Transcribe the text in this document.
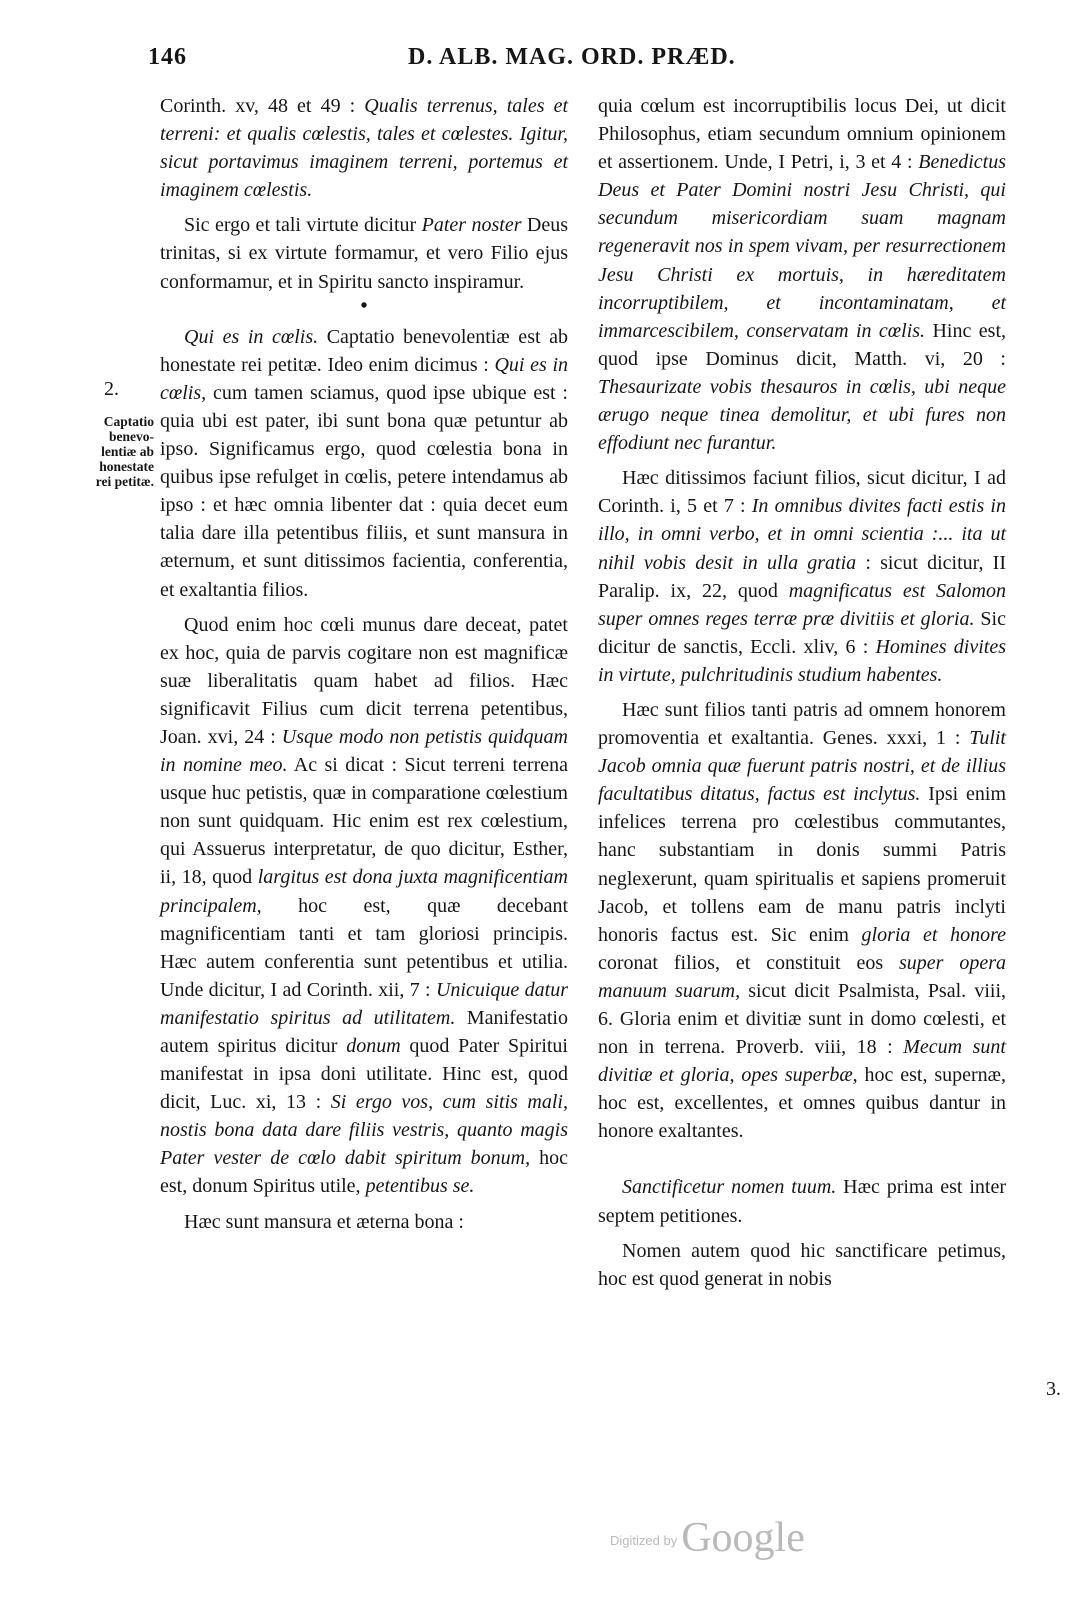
146	D. ALB. MAG. ORD. PRÆD.
2.
Captatio
benevo-
lentiæ ab
honestate
rei petitæ.
3.

Corinth. xv, 48 et 49 : Qualis terrenus, tales et terreni: et qualis cœlestis, tales et cœlestes. Igitur, sicut portavimus imaginem terreni, portemus et imaginem cœlestis.

Sic ergo et tali virtute dicitur Pater noster Deus trinitas, si ex virtute formamur, et vero Filio ejus conformamur, et in Spiritu sancto inspiramur.

•

Qui es in cœlis. Captatio benevolentiæ est ab honestate rei petitæ. Ideo enim dicimus : Qui es in cœlis, cum tamen sciamus, quod ipse ubique est : quia ubi est pater, ibi sunt bona quæ petuntur ab ipso. Significamus ergo, quod cœlestia bona in quibus ipse refulget in cœlis, petere intendamus ab ipso : et hæc omnia libenter dat : quia decet eum talia dare illa petentibus filiis, et sunt mansura in æternum, et sunt ditissimos facientia, conferentia, et exaltantia filios.

Quod enim hoc cœli munus dare deceat, patet ex hoc, quia de parvis cogitare non est magnificæ suæ liberalitatis quam habet ad filios. Hæc significavit Filius cum dicit terrena petentibus, Joan. xvi, 24 : Usque modo non petistis quidquam in nomine meo. Ac si dicat : Sicut terreni terrena usque huc petistis, quæ in comparatione cœlestium non sunt quidquam. Hic enim est rex cœlestium, qui Assuerus interpretatur, de quo dicitur, Esther, ii, 18, quod largitus est dona juxta magnificentiam principalem, hoc est, quæ decebant magnificentiam tanti et tam gloriosi principis. Hæc autem conferentia sunt petentibus et utilia. Unde dicitur, I ad Corinth. xii, 7 : Unicuique datur manifestatio spiritus ad utilitatem. Manifestatio autem spiritus dicitur donum quod Pater Spiritui manifestat in ipsa doni utilitate. Hinc est, quod dicit, Luc. xi, 13 : Si ergo vos, cum sitis mali, nostis bona data dare filiis vestris, quanto magis Pater vester de cœlo dabit spiritum bonum, hoc est, donum Spiritus utile, petentibus se.

Hæc sunt mansura et æterna bona :

quia cœlum est incorruptibilis locus Dei, ut dicit Philosophus, etiam secundum omnium opinionem et assertionem. Unde, I Petri, i, 3 et 4 : Benedictus Deus et Pater Domini nostri Jesu Christi, qui secundum misericordiam suam magnam regeneravit nos in spem vivam, per resurrectionem Jesu Christi ex mortuis, in hæreditatem incorruptibilem, et incontaminatam, et immarcescibilem, conservatam in cœlis. Hinc est, quod ipse Dominus dicit, Matth. vi, 20 : Thesaurizate vobis thesauros in cœlis, ubi neque ærugo neque tinea demolitur, et ubi fures non effodiunt nec furantur.

Hæc ditissimos faciunt filios, sicut dicitur, I ad Corinth. i, 5 et 7 : In omnibus divites facti estis in illo, in omni verbo, et in omni scientia :... ita ut nihil vobis desit in ulla gratia : sicut dicitur, II Paralip. ix, 22, quod magnificatus est Salomon super omnes reges terræ præ divitiis et gloria. Sic dicitur de sanctis, Eccli. xliv, 6 : Homines divites in virtute, pulchritudinis studium habentes.

Hæc sunt filios tanti patris ad omnem honorem promoventia et exaltantia. Genes. xxxi, 1 : Tulit Jacob omnia quæ fuerunt patris nostri, et de illius facultatibus ditatus, factus est inclytus. Ipsi enim infelices terrena pro cœlestibus commutantes, hanc substantiam in donis summi Patris neglexerunt, quam spiritualis et sapiens promeruit Jacob, et tollens eam de manu patris inclyti honoris factus est. Sic enim gloria et honore coronat filios, et constituit eos super opera manuum suarum, sicut dicit Psalmista, Psal. viii, 6. Gloria enim et divitiæ sunt in domo cœlesti, et non in terrena. Proverb. viii, 18 : Mecum sunt divitiæ et gloria, opes superbæ, hoc est, supernæ, hoc est, excellentes, et omnes quibus dantur in honore exaltantes.

Sanctificetur nomen tuum. Hæc prima est inter septem petitiones.

Nomen autem quod hic sanctificare petimus, hoc est quod generat in nobis

$^{Digitized by}$ Google
